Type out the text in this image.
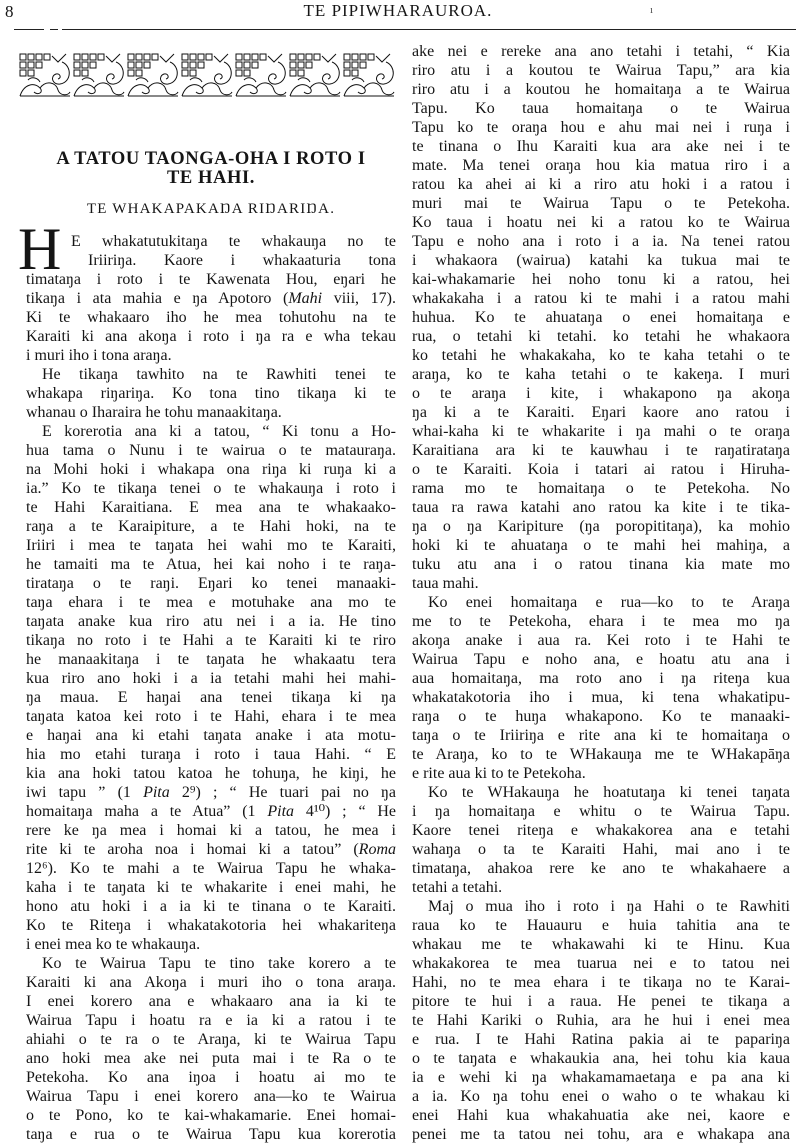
8	TE PIPIWHARAUROA.	ı
A TATOU TAONGA-OHA I ROTO I
TE HAHI.
TE WHAKAPAKAŊA RIŊARIŊA.
H E whakatutukitaŋa te whakauŋa no te
Iriiriŋa. Kaore i whakaaturia tona
timataŋa i roto i te Kawenata Hou, eŋari he
tikaŋa i ata mahia e ŋa Apotoro (Mahi viii, 17).
Ki te whakaaro iho he mea tohutohu na te
Karaiti ki ana akoŋa i roto i ŋa ra e wha tekau
i muri iho i tona araŋa.
He tikaŋa tawhito na te Rawhiti tenei te
whakapa riŋariŋa. Ko tona tino tikaŋa ki te
whanau o Iharaira he tohu manaakitaŋa.
E korerotia ana ki a tatou, “ Ki tonu a Ho-
hua tama o Nunu i te wairua o te matauraŋa.
na Mohi hoki i whakapa ona riŋa ki ruŋa ki a
ia.” Ko te tikaŋa tenei o te whakauŋa i roto i
te Hahi Karaitiana. E mea ana te whakaako-
raŋa a te Karaipiture, a te Hahi hoki, na te
Iriiri i mea te taŋata hei wahi mo te Karaiti,
he tamaiti ma te Atua, hei kai noho i te raŋa-
tirataŋa o te raŋi. Eŋari ko tenei manaaki-
taŋa ehara i te mea e motuhake ana mo te
taŋata anake kua riro atu nei i a ia. He tino
tikaŋa no roto i te Hahi a te Karaiti ki te riro
he manaakitaŋa i te taŋata he whakaatu tera
kua riro ano hoki i a ia tetahi mahi hei mahi-
ŋa maua. E haŋai ana tenei tikaŋa ki ŋa
taŋata katoa kei roto i te Hahi, ehara i te mea
e haŋai ana ki etahi taŋata anake i ata motu-
hia mo etahi turaŋa i roto i taua Hahi. “ E
kia ana hoki tatou katoa he tohuŋa, he kiŋi, he
iwi tapu ” (1 Pita 2⁹) ; “ He tuari pai no ŋa
homaitaŋa maha a te Atua” (1 Pita 4¹⁰) ; “ He
rere ke ŋa mea i homai ki a tatou, he mea i
rite ki te aroha noa i homai ki a tatou” (Roma
12⁶). Ko te mahi a te Wairua Tapu he whaka-
kaha i te taŋata ki te whakarite i enei mahi, he
hono atu hoki i a ia ki te tinana o te Karaiti.
Ko te Riteŋa i whakatakotoria hei whakariteŋa
i enei mea ko te whakauŋa.
Ko te Wairua Tapu te tino take korero a te
Karaiti ki ana Akoŋa i muri iho o tona araŋa.
I enei korero ana e whakaaro ana ia ki te
Wairua Tapu i hoatu ra e ia ki a ratou i te
ahiahi o te ra o te Araŋa, ki te Wairua Tapu
ano hoki mea ake nei puta mai i te Ra o te
Petekoha. Ko ana iŋoa i hoatu ai mo te
Wairua Tapu i enei korero ana—ko te Wairua
o te Pono, ko te kai-whakamarie. Enei homai-
taŋa e rua o te Wairua Tapu kua korerotia
ake nei e rereke ana ano tetahi i tetahi, “ Kia
riro atu i a koutou te Wairua Tapu,” ara kia
riro atu i a koutou he homaitaŋa a te Wairua
Tapu. Ko taua homaitaŋa o te Wairua
Tapu ko te oraŋa hou e ahu mai nei i ruŋa i
te tinana o Ihu Karaiti kua ara ake nei i te
mate. Ma tenei oraŋa hou kia matua riro i a
ratou ka ahei ai ki a riro atu hoki i a ratou i
muri mai te Wairua Tapu o te Petekoha.
Ko taua i hoatu nei ki a ratou ko te Wairua
Tapu e noho ana i roto i a ia. Na tenei ratou
i whakaora (wairua) katahi ka tukua mai te
kai-whakamarie hei noho tonu ki a ratou, hei
whakakaha i a ratou ki te mahi i a ratou mahi
huhua. Ko te ahuataŋa o enei homaitaŋa e
rua, o tetahi ki tetahi. ko tetahi he whakaora
ko tetahi he whakakaha, ko te kaha tetahi o te
araŋa, ko te kaha tetahi o te kakeŋa. I muri
o te araŋa i kite, i whakapono ŋa akoŋa
ŋa ki a te Karaiti. Eŋari kaore ano ratou i
whai-kaha ki te whakarite i ŋa mahi o te oraŋa
Karaitiana ara ki te kauwhau i te raŋatirataŋa
o te Karaiti. Koia i tatari ai ratou i Hiruha-
rama mo te homaitaŋa o te Petekoha. No
taua ra rawa katahi ano ratou ka kite i te tika-
ŋa o ŋa Karipiture (ŋa poropititaŋa), ka mohio
hoki ki te ahuataŋa o te mahi hei mahiŋa, a
tuku atu ana i o ratou tinana kia mate mo
taua mahi.
Ko enei homaitaŋa e rua—ko to te Araŋa
me to te Petekoha, ehara i te mea mo ŋa
akoŋa anake i aua ra. Kei roto i te Hahi te
Wairua Tapu e noho ana, e hoatu atu ana i
aua homaitaŋa, ma roto ano i ŋa riteŋa kua
whakatakotoria iho i mua, ki tena whakatipu-
raŋa o te huŋa whakapono. Ko te manaaki-
taŋa o te Iriiriŋa e rite ana ki te homaitaŋa o
te Araŋa, ko to te WHakauŋa me te WHakapāŋa
e rite aua ki to te Petekoha.
Ko te WHakauŋa he hoatutaŋa ki tenei taŋata
i ŋa homaitaŋa e whitu o te Wairua Tapu.
Kaore tenei riteŋa e whakakorea ana e tetahi
wahaŋa o ta te Karaiti Hahi, mai ano i te
timataŋa, ahakoa rere ke ano te whakahaere a
tetahi a tetahi.
Maj o mua iho i roto i ŋa Hahi o te Rawhiti
raua ko te Hauauru e huia tahitia ana te
whakau me te whakawahi ki te Hinu. Kua
whakakorea te mea tuarua nei e to tatou nei
Hahi, no te mea ehara i te tikaŋa no te Karai-
pitore te hui i a raua. He penei te tikaŋa a
te Hahi Kariki o Ruhia, ara he hui i enei mea
e rua. I te Hahi Ratina pakia ai te papariŋa
o te taŋata e whakaukia ana, hei tohu kia kaua
ia e wehi ki ŋa whakamamaetaŋa e pa ana ki
a ia. Ko ŋa tohu enei o waho o te whakau ki
enei Hahi kua whakahuatia ake nei, kaore e
penei me ta tatou nei tohu, ara e whakapa ana
